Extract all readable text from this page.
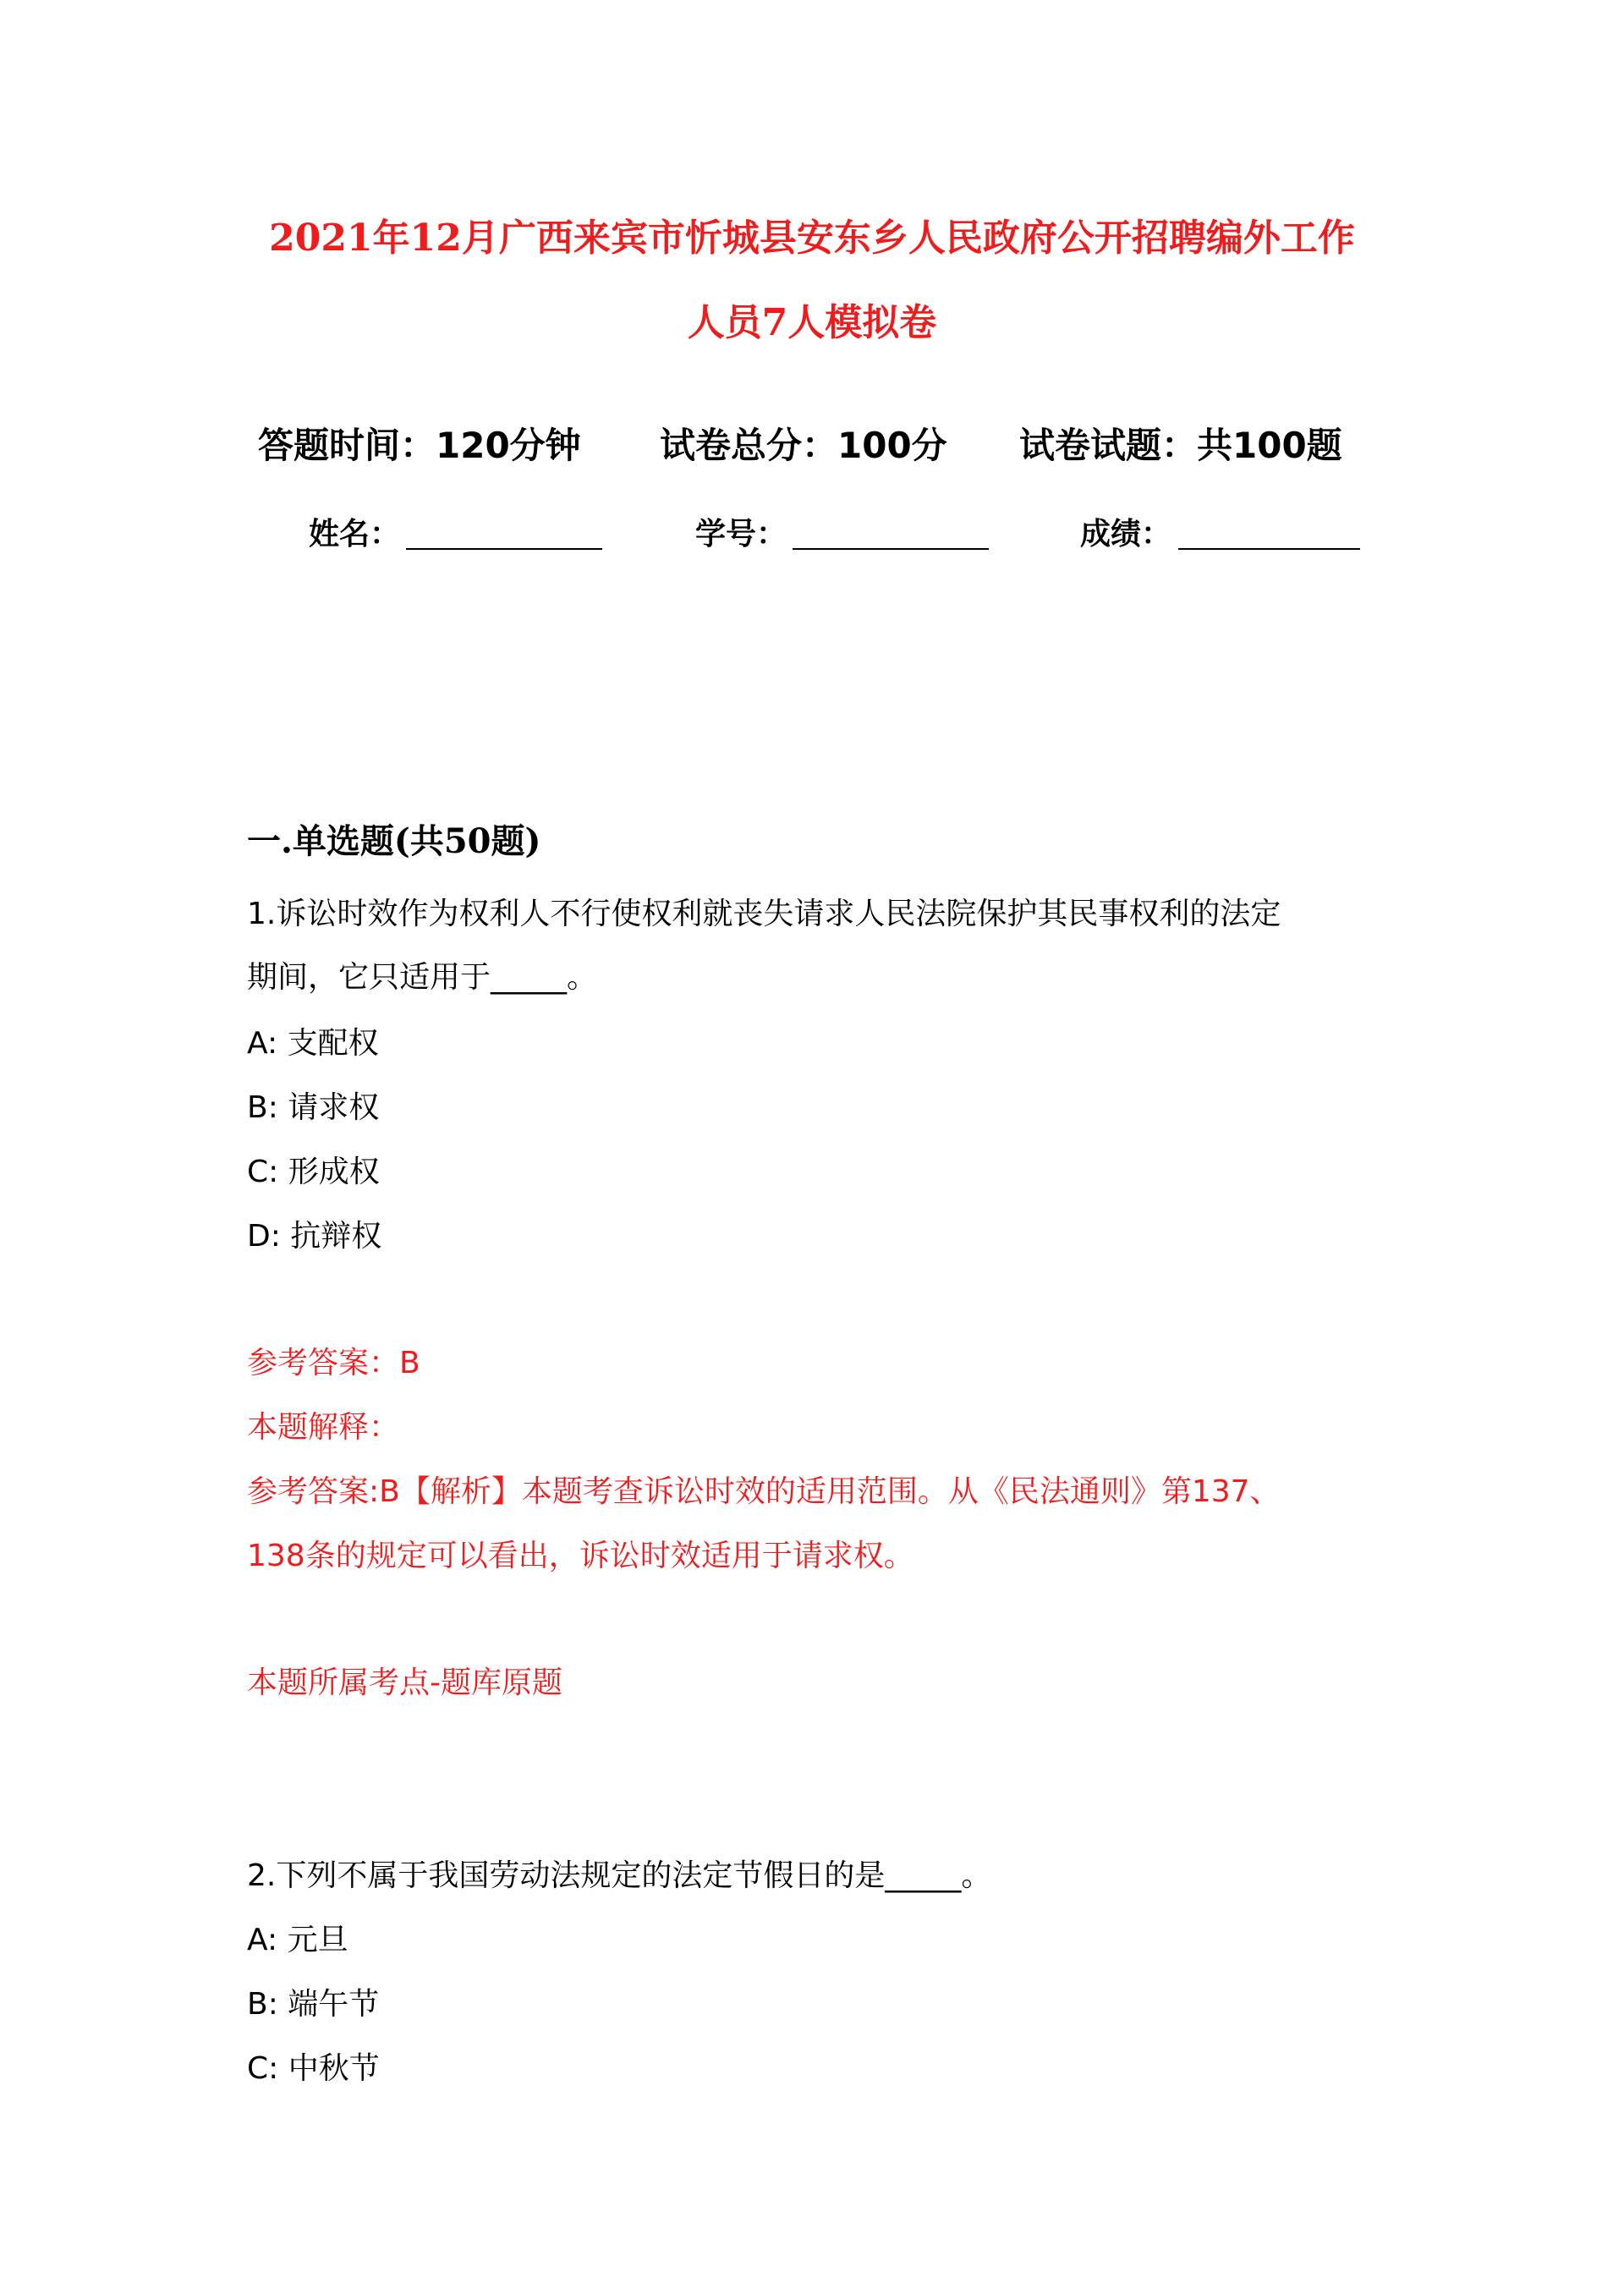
2021年12月广西来宾市忻城县安东乡人民政府公开招聘编外工作
人员7人模拟卷
答题时间：120分钟 试卷总分：100分 试卷试题：共100题
姓名：	学号：	成绩：
一.单选题(共50题)
1.诉讼时效作为权利人不行使权利就丧失请求人民法院保护其民事权利的法定
期间，它只适用于_____。
A: 支配权
B: 请求权
C: 形成权
D: 抗辩权
参考答案：B
本题解释：
参考答案:B【解析】本题考查诉讼时效的适用范围。从《民法通则》第137、
138条的规定可以看出，诉讼时效适用于请求权。
本题所属考点-题库原题
2.下列不属于我国劳动法规定的法定节假日的是_____。
A: 元旦
B: 端午节
C: 中秋节
